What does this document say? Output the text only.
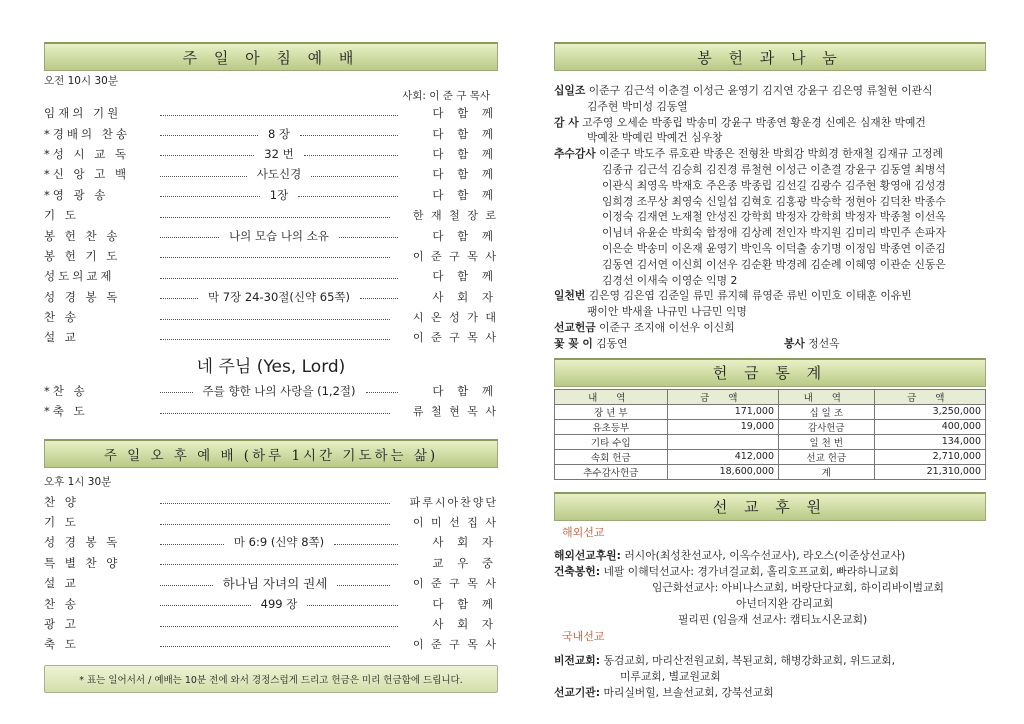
주 일 아 침 예 배
오전 10시 30분
사회: 이 준 구 목사
임재의 기원	다 함 께
*경배의 찬송	8 장	다 함 께
*성 시 교 독	32 번	다 함 께
*신 앙 고 백	사도신경	다 함 께
*영 광 송	1장	다 함 께
기 도	한 재 철 장 로
봉 헌 찬 송	나의 모습 나의 소유	다 함 께
봉 헌 기 도	이 준 구 목 사
성도의교제	다 함 께
성 경 봉 독	막 7장 24-30절(신약 65쪽)	사 회 자
찬 송	시 온 성 가 대
설 교	이 준 구 목 사
네 주님 (Yes, Lord)
*찬 송	주를 향한 나의 사랑을 (1,2절)	다 함 께
*축 도	류 철 현 목 사
주 일 오 후 예 배 (하루 1시간 기도하는 삶)
오후 1시 30분
찬 양	파루시아찬양단
기 도	이 미 선 집 사
성 경 봉 독	마 6:9 (신약 8쪽)	사 회 자
특 별 찬 양	교 우 중
설 교	하나님 자녀의 권세	이 준 구 목 사
찬 송	499 장	다 함 께
광 고	사 회 자
축 도	이 준 구 목 사
* 표는 일어서서 / 예배는 10분 전에 와서 경정스럽게 드리고 헌금은 미리 헌금함에 드립니다.
봉 헌 과 나 눔
십일조 이준구 김근석 이춘결 이성근 윤영기 김지연 강윤구 김은영 류철현 이관식
김주현 박미성 김동열
감 사 고주영 오세순 박종립 박송미 강윤구 박종연 황운경 신예은 심재찬 박예건
박예찬 박예린 박예건 심우창
추수감사 이준구 박도주 류호관 박종은 전형찬 박희감 박희경 한재철 김재규 고정례
김종규 김근석 김승희 김진경 류철현 이성근 이춘결 강윤구 김동열 최병석
이관식 최영옥 박재호 주은종 박종립 김선길 김광수 김주현 황영애 김성경
임희경 조무상 최영숙 신일섭 김혁호 김홍광 박승학 정현아 김덕찬 박종수
이정숙 김재연 노재철 안성진 강학희 박정자 강학희 박정자 박종철 이선옥
이님녀 유윤순 박희숙 함정애 김상례 전인자 박지원 김미리 박민주 손파자
이은순 박송미 이온재 윤영기 박인옥 이덕출 송기명 이정임 박종연 이준김
김동연 김서연 이신희 이선우 김순환 박경례 김순례 이혜영 이관순 신동은
김경선 이새숙 이영순 익명 2
일천번 김은영 김은엽 김준일 류민 류지혜 류영준 류빈 이민호 이태훈 이유빈
팽이안 박새율 나규민 나금민 익명
선교헌금 이준구 조지애 이선우 이신희
꽃 꽂 이 김동연	봉사 정선옥
헌 금 통 계
내 역	금 액	내 역	금 액
장 년 부	171,000	십 일 조	3,250,000
유초등부	19,000	감사헌금	400,000
기타 수입		일 천 번	134,000
속회 헌금	412,000	선교 헌금	2,710,000
추수감사헌금	18,600,000	계	21,310,000
선 교 후 원
해외선교
해외선교후원: 러시아(최성찬선교사, 이옥수선교사), 라오스(이준상선교사)
건축봉헌: 네팔 이해덕선교사: 경가녀걸교회, 홀리호프교회, 빠라하니교회
임근화선교사: 아비나스교회, 버랑단다교회, 하이리바이벌교회
아넌더지완 감리교회
필리핀 (임을재 선교사: 캠티뇨시온교회)
국내선교
비전교회: 동검교회, 마리산전원교회, 복된교회, 해병강화교회, 위드교회,
미루교회, 별교원교회
선교기관: 마리실버힐, 브솔선교회, 강북선교회
